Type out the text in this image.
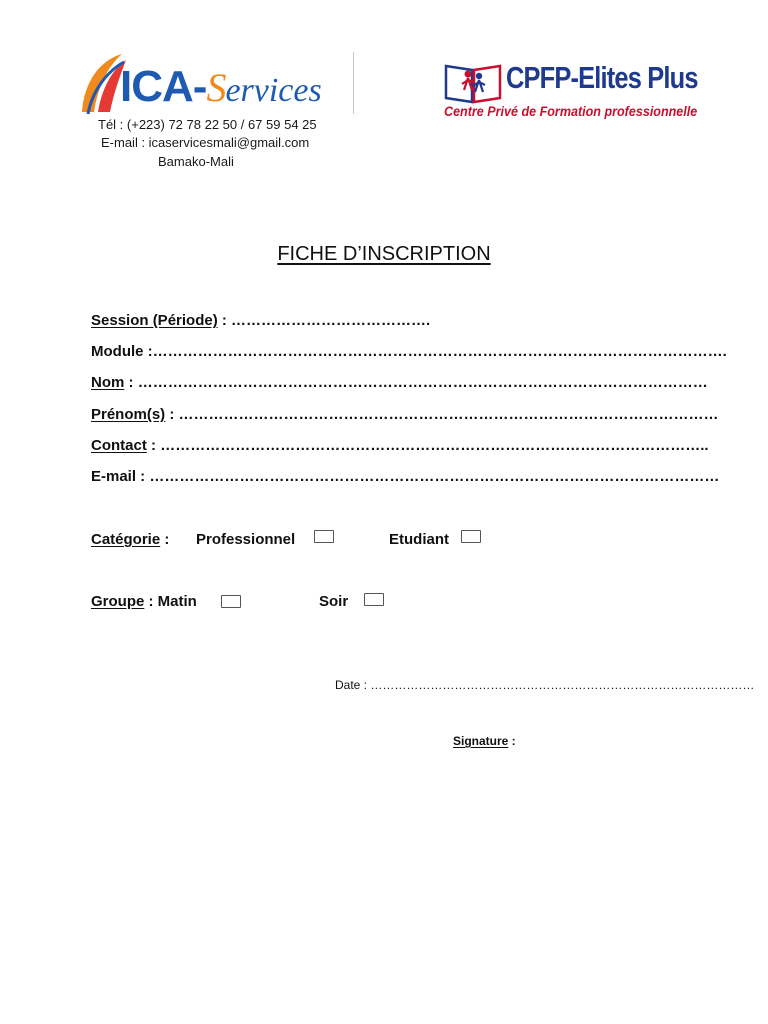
ICA-Services
Tél : (+223) 72 78 22 50 / 67 59 54 25
E-mail : icaservicesmali@gmail.com
Bamako-Mali
CPFP-Elites Plus
Centre Privé de Formation professionnelle
FICHE D’INSCRIPTION
Session (Période) : ………………………………….
Module :…………………………………………………………………………………………………….
Nom : ……………………………………………………………………………………………………
Prénom(s) : ………………………………………………………………………………………………
Contact : ………………………………………………………………………………………………..
E-mail : ……………………………………………………………………………………………………
Catégorie : Professionnel	Etudiant
Groupe : Matin	Soir
Date : ……………………………………………………………………………………
Signature :
